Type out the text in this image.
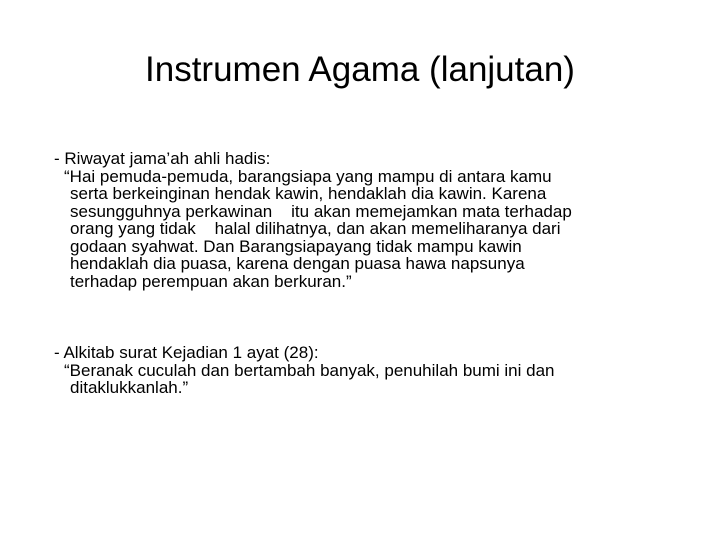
Instrumen Agama (lanjutan)

- Riwayat jama’ah ahli hadis:

“Hai pemuda-pemuda, barangsiapa yang mampu di antara kamu

serta berkeinginan hendak kawin, hendaklah dia kawin. Karena

sesungguhnya perkawinan    itu akan memejamkan mata terhadap

orang yang tidak    halal dilihatnya, dan akan memeliharanya dari

godaan syahwat. Dan Barangsiapayang tidak mampu kawin

hendaklah dia puasa, karena dengan puasa hawa napsunya

terhadap perempuan akan berkuran.”

- Alkitab surat Kejadian 1 ayat (28):

“Beranak cuculah dan bertambah banyak, penuhilah bumi ini dan

ditaklukkanlah.”
